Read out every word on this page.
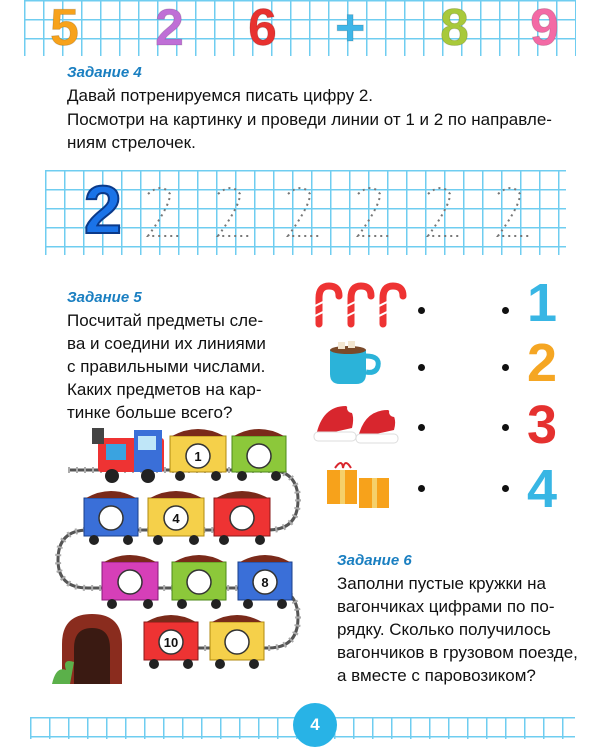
5 2 6 + 8 9

Задание 4

Давай потренируемся писать цифру 2.

Посмотри на картинку и проведи линии от 1 и 2 по направле-

ниям стрелочек.

2

Задание 5

Посчитай предметы сле-

ва и соедини их линиями

с правильными числами.

Каких предметов на кар-

тинке больше всего?

1
2
3
4
1
4
8
10

Задание 6

Заполни пустые кружки на

вагончиках цифрами по по-

рядку. Сколько получилось

вагончиков в грузовом поезде,

а вместе с паровозиком?

4
